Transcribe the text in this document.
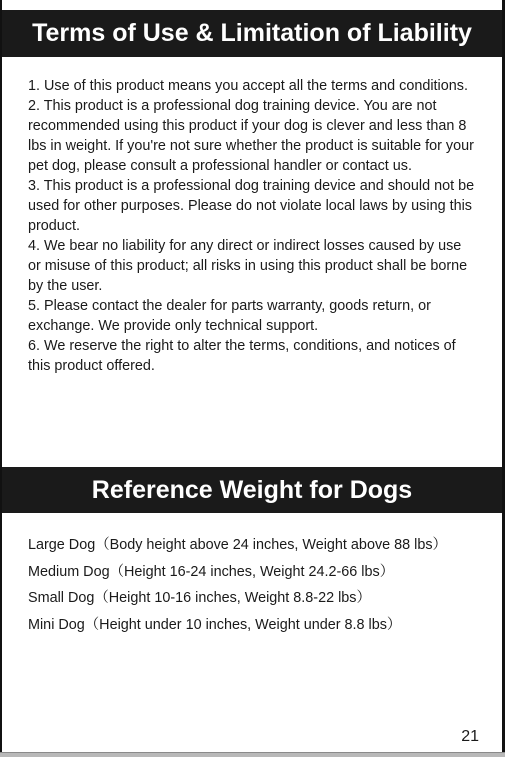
Terms of Use & Limitation of Liability

1. Use of this product means you accept all the terms and conditions.

2. This product is a professional dog training device. You are not recommended using this product if your dog is clever and less than 8 lbs in weight. If you're not sure whether the product is suitable for your pet dog, please consult a professional handler or contact us.

3. This product is a professional dog training device and should not be used for other purposes. Please do not violate local laws by using this product.

4. We bear no liability for any direct or indirect losses caused by use or misuse of this product; all risks in using this product shall be borne by the user.

5. Please contact the dealer for parts warranty, goods return, or exchange. We provide only technical support.

6. We reserve the right to alter the terms, conditions, and notices of this product offered.

Reference Weight for Dogs

Large Dog（Body height above 24 inches, Weight above 88 lbs）

Medium Dog（Height 16-24 inches, Weight 24.2-66 lbs）

Small Dog（Height 10-16 inches, Weight 8.8-22 lbs）

Mini Dog（Height under 10 inches, Weight under 8.8 lbs）

21
